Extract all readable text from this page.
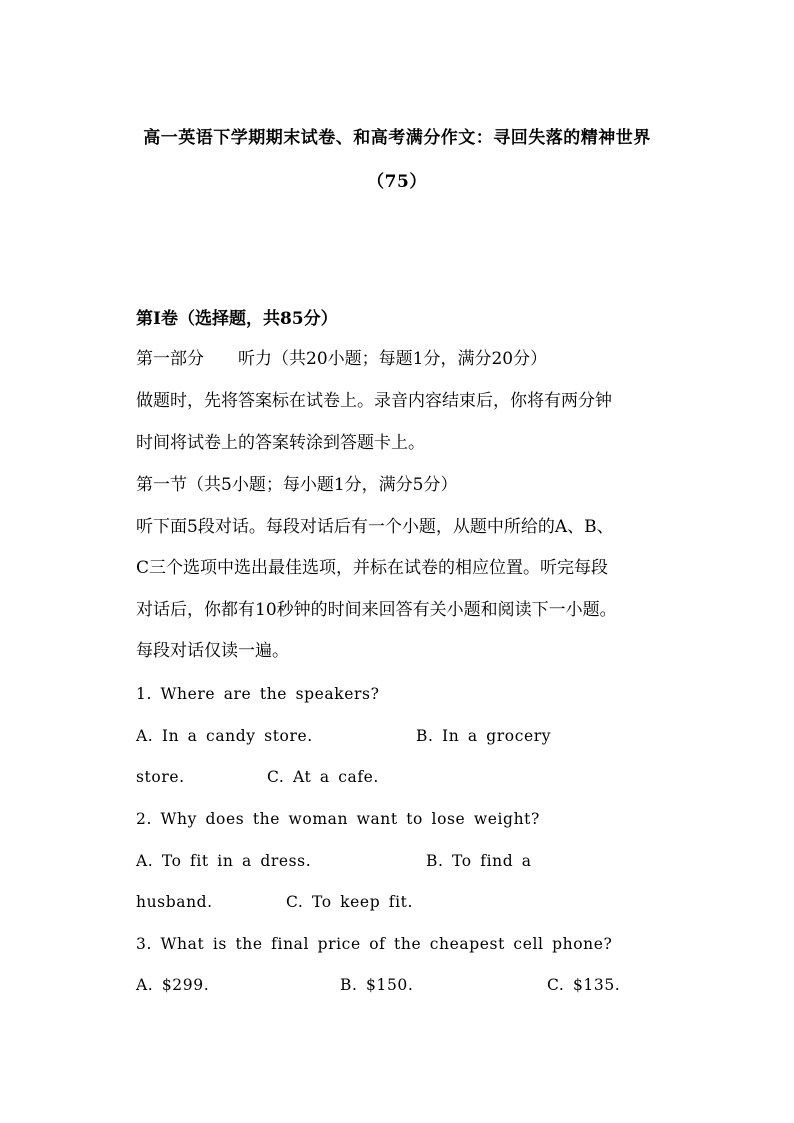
高一英语下学期期末试卷、和高考满分作文：寻回失落的精神世界
（75）
第Ⅰ卷（选择题，共85分）
第一部分　　听力（共20小题；每题1分，满分20分）
做题时，先将答案标在试卷上。录音内容结束后，你将有两分钟
时间将试卷上的答案转涂到答题卡上。
第一节（共5小题；每小题1分，满分5分）
听下面5段对话。每段对话后有一个小题，从题中所给的A、B、
C三个选项中选出最佳选项，并标在试卷的相应位置。听完每段
对话后，你都有10秒钟的时间来回答有关小题和阅读下一小题。
每段对话仅读一遍。
1. Where are the speakers?
A. In a candy store.	B. In a grocery
store.	C. At a cafe.
2. Why does the woman want to lose weight?
A. To fit in a dress.	B. To find a
husband.	C. To keep fit.
3. What is the final price of the cheapest cell phone?
A. $299.	B. $150.	C. $135.
